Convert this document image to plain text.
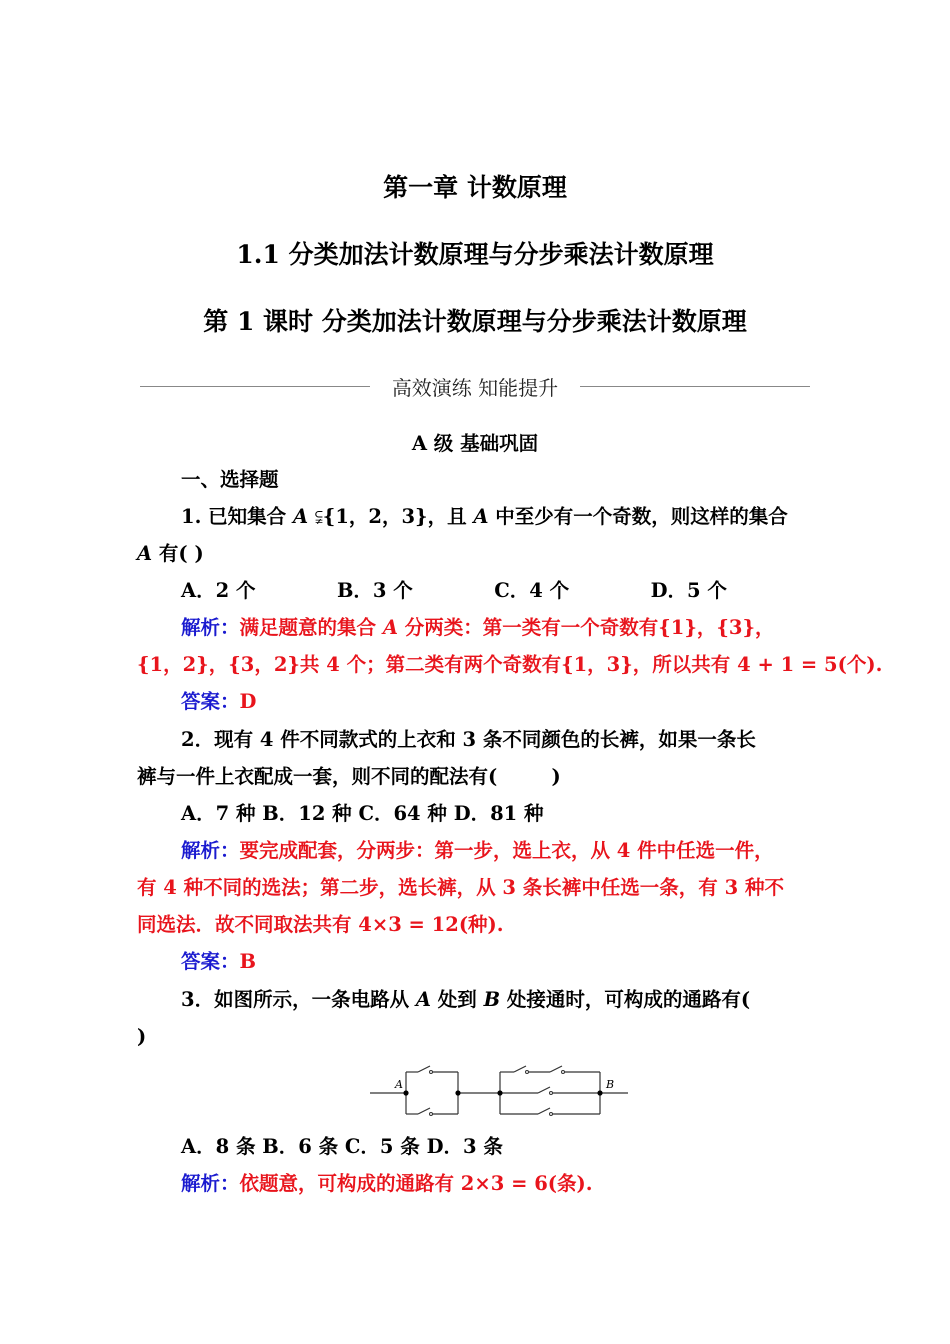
第一章 计数原理
1.1 分类加法计数原理与分步乘法计数原理
第 1 课时 分类加法计数原理与分步乘法计数原理
高效演练 知能提升
A 级 基础巩固
一、选择题
1. 已知集合 A ⫋{1，2，3}，且 A 中至少有一个奇数，则这样的集合
A 有( )
A．2 个            B．3 个            C．4 个            D．5 个
解析：满足题意的集合 A 分两类：第一类有一个奇数有{1}，{3}，
{1，2}，{3，2}共 4 个；第二类有两个奇数有{1，3}，所以共有 4 + 1 = 5(个).
答案：D
2．现有 4 件不同款式的上衣和 3 条不同颜色的长裤，如果一条长
裤与一件上衣配成一套，则不同的配法有(        )
A．7 种 B．12 种 C．64 种 D．81 种
解析：要完成配套，分两步：第一步，选上衣，从 4 件中任选一件，
有 4 种不同的选法；第二步，选长裤，从 3 条长裤中任选一条，有 3 种不
同选法．故不同取法共有 4×3 = 12(种).
答案：B
3．如图所示，一条电路从 A 处到 B 处接通时，可构成的通路有(
)
A	B
A．8 条 B．6 条 C．5 条 D．3 条
解析：依题意，可构成的通路有 2×3 = 6(条).
